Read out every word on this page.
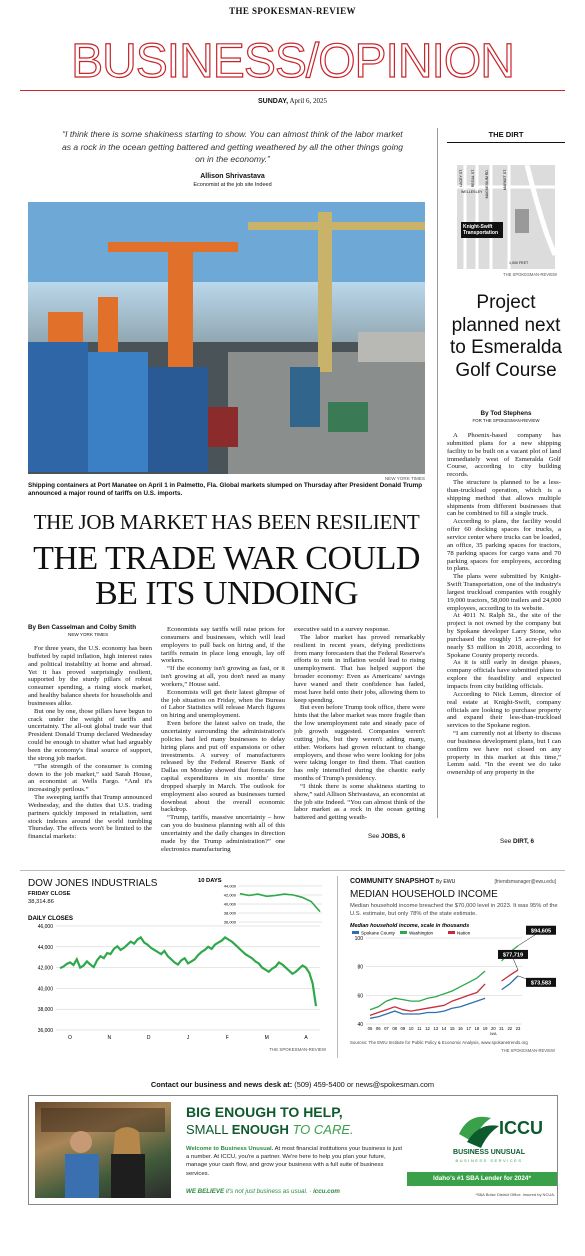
THE SPOKESMAN-REVIEW
BUSINESS/OPINION
SUNDAY, April 6, 2025
“I think there is some shakiness starting to show. You can almost think of the labor market as a rock in the ocean getting battered and getting weathered by all the other things going on in the economy.”
Allison Shrivastava
Economist at the job site Indeed
NEW YORK TIMES
Shipping containers at Port Manatee on April 1 in Palmetto, Fla. Global markets slumped on Thursday after President Donald Trump announced a major round of tariffs on U.S. imports.
THE JOB MARKET HAS BEEN RESILIENT
THE TRADE WAR COULD BE ITS UNDOING
By Ben Casselman and Colby Smith
NEW YORK TIMES

For three years, the U.S. economy has been buffeted by rapid inflation, high interest rates and political instability at home and abroad. Yet it has proved surprisingly resilient, supported by the sturdy pillars of robust consumer spending, a rising stock market, and healthy balance sheets for households and businesses alike.

But one by one, those pillars have begun to crack under the weight of tariffs and uncertainty. The all-out global trade war that President Donald Trump declared Wednesday could be enough to shatter what had arguably been the economy's final source of support, the strong job market.

“The strength of the consumer is coming down to the job market,” said Sarah House, an economist at Wells Fargo. “And it's increasingly perilous.”

The sweeping tariffs that Trump announced Wednesday, and the duties that U.S. trading partners quickly imposed in retaliation, sent stock indexes around the world tumbling Thursday. The effects won't be limited to the financial markets:

Economists say tariffs will raise prices for consumers and businesses, which will lead employers to pull back on hiring and, if the tariffs remain in place long enough, lay off workers.

“If the economy isn't growing as fast, or it isn't growing at all, you don't need as many workers,” House said.

Economists will get their latest glimpse of the job situation on Friday, when the Bureau of Labor Statistics will release March figures on hiring and unemployment.

Even before the latest salvo on trade, the uncertainty surrounding the administration's policies had led many businesses to delay hiring plans and put off expansions or other investments. A survey of manufacturers released by the Federal Reserve Bank of Dallas on Monday showed that forecasts for capital expenditures in six months' time dropped sharply in March. The outlook for employment also soured as businesses turned downbeat about the overall economic backdrop.

“Trump, tariffs, massive uncertainty – how can you do business planning with all of this uncertainty and the daily changes in direction made by the Trump administration?” one electronics manufacturing

executive said in a survey response.

The labor market has proved remarkably resilient in recent years, defying predictions from many forecasters that the Federal Reserve's efforts to rein in inflation would lead to rising unemployment. That has helped support the broader economy: Even as Americans' savings have waned and their confidence has faded, most have held onto their jobs, allowing them to keep spending.

But even before Trump took office, there were hints that the labor market was more fragile than the low unemployment rate and steady pace of job growth suggested. Companies weren't cutting jobs, but they weren't adding many, either. Workers had grown reluctant to change employers, and those who were looking for jobs were taking longer to find them. That caution has only intensified during the chaotic early months of Trump's presidency.

“I think there is some shakiness starting to show,” said Allison Shrivastava, an economist at the job site Indeed. “You can almost think of the labor market as a rock in the ocean getting battered and getting weath-

See JOBS, 6
THE DIRT
LACEY ST. REGAL ST.	MAGNESIUM RD.
WELLESLEY
MARKET ST.
Knight-Swift Transportation
1,000 FEET
THE SPOKESMAN-REVIEW
Project planned next to Esmeralda Golf Course
By Tod Stephens
FOR THE SPOKESMAN-REVIEW

A Phoenix-based company has submitted plans for a new shipping facility to be built on a vacant plot of land immediately west of Esmeralda Golf Course, according to city building records.

The structure is planned to be a less-than-truckload operation, which is a shipping method that allows multiple shipments from different businesses that can be combined to fill a single truck.

According to plans, the facility would offer 60 docking spaces for trucks, a service center where trucks can be loaded, an office, 35 parking spaces for tractors, 78 parking spaces for cargo vans and 70 parking spaces for employees, according to plans.

The plans were submitted by Knight-Swift Transportation, one of the industry's largest truckload companies with roughly 19,000 tractors, 58,000 trailers and 24,000 employees, according to its website.

At 4011 N. Ralph St., the site of the project is not owned by the company but by Spokane developer Larry Stone, who purchased the roughly 15 acre-plot for nearly $3 million in 2018, according to Spokane County property records.

As it is still early in design phases, company officials have submitted plans to explore the feasibility and expected impacts from city building officials.

According to Nick Lemm, director of real estate at Knight-Swift, company officials are looking to purchase property and expand their less-than-truckload services to the Spokane region.

“I am currently not at liberty to discuss our business development plans, but I can confirm we have not closed on any property in this market at this time,” Lemm said. “In the event we do take ownership of any property in the

See DIRT, 6
DOW JONES INDUSTRIALS
FRIDAY CLOSE
38,314.86
10 DAYS
44,000
42,000
40,000
38,000
36,000
DAILY CLOSES
46,000
44,000
42,000
40,000
38,000
36,000
O	N	D	J	F	M	A
THE SPOKESMAN-REVIEW
COMMUNITY SNAPSHOT By EWU	[friendsmanager@ewu.edu]
MEDIAN HOUSEHOLD INCOME
Median household income breached the $70,000 level in 2023. It was 95% of the U.S. estimate, but only 78% of the state estimate.
Median household income, scale in thousands
Spokane County	Washington	Nation
100
80
60
40
05 06 07 08 09 10 11 12 13 14 15 16 17 18 19 20 21 22 23
N/A
$94,605
$77,719
$73,583
Sources: The EWU Institute for Public Policy & Economic Analysis, www.spokanetrends.org
THE SPOKESMAN-REVIEW
Contact our business and news desk at: (509) 459-5400 or news@spokesman.com
BIG ENOUGH TO HELP,
SMALL ENOUGH TO CARE.
Welcome to Business Unusual. At most financial institutions your business is just a number. At ICCU, you're a partner. We're here to help you plan your future, manage your cash flow, and grow your business with a full suite of business services.
WE BELIEVE it's not just business as usual. · iccu.com
ICCU
BUSINESS UNUSUAL
BUSINESS SERVICES
Idaho's #1 SBA Lender for 2024*
*SBA Boise District Office. Insured by NCUA.
